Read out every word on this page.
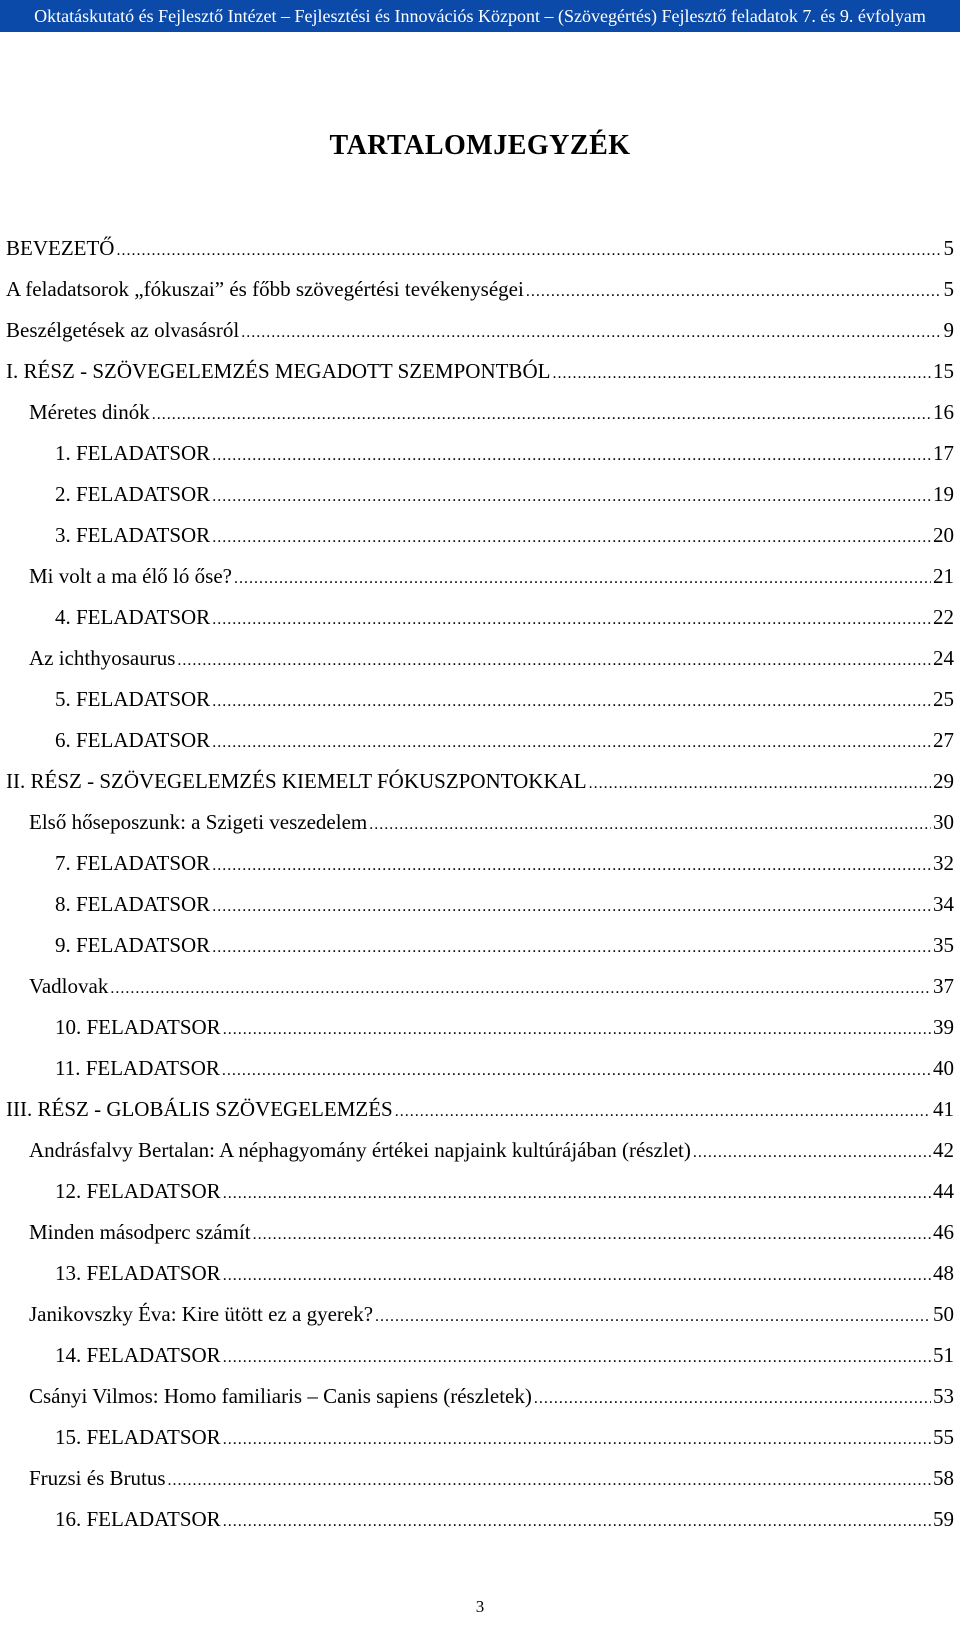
Oktatáskutató és Fejlesztő Intézet – Fejlesztési és Innovációs Központ – (Szövegértés) Fejlesztő feladatok 7. és 9. évfolyam
TARTALOMJEGYZÉK
BEVEZETŐ .....	5
A feladatsorok „fókuszai” és főbb szövegértési tevékenységei .....	5
Beszélgetések az olvasásról .....	9
I. RÉSZ - SZÖVEGELEMZÉS MEGADOTT SZEMPONTBÓL .....	15
Méretes dinók .....	16
1. FELADATSOR .....	17
2. FELADATSOR .....	19
3. FELADATSOR .....	20
Mi volt a ma élő ló őse? .....	21
4. FELADATSOR .....	22
Az ichthyosaurus .....	24
5. FELADATSOR .....	25
6. FELADATSOR .....	27
II. RÉSZ - SZÖVEGELEMZÉS KIEMELT FÓKUSZPONTOKKAL .....	29
Első hőseposzunk: a Szigeti veszedelem .....	30
7. FELADATSOR .....	32
8. FELADATSOR .....	34
9. FELADATSOR .....	35
Vadlovak .....	37
10. FELADATSOR .....	39
11. FELADATSOR .....	40
III. RÉSZ - GLOBÁLIS SZÖVEGELEMZÉS .....	41
Andrásfalvy Bertalan: A néphagyomány értékei napjaink kultúrájában (részlet) .....	42
12. FELADATSOR .....	44
Minden másodperc számít .....	46
13. FELADATSOR .....	48
Janikovszky Éva: Kire ütött ez a gyerek? .....	50
14. FELADATSOR .....	51
Csányi Vilmos: Homo familiaris – Canis sapiens (részletek) .....	53
15. FELADATSOR .....	55
Fruzsi és Brutus .....	58
16. FELADATSOR .....	59
3
